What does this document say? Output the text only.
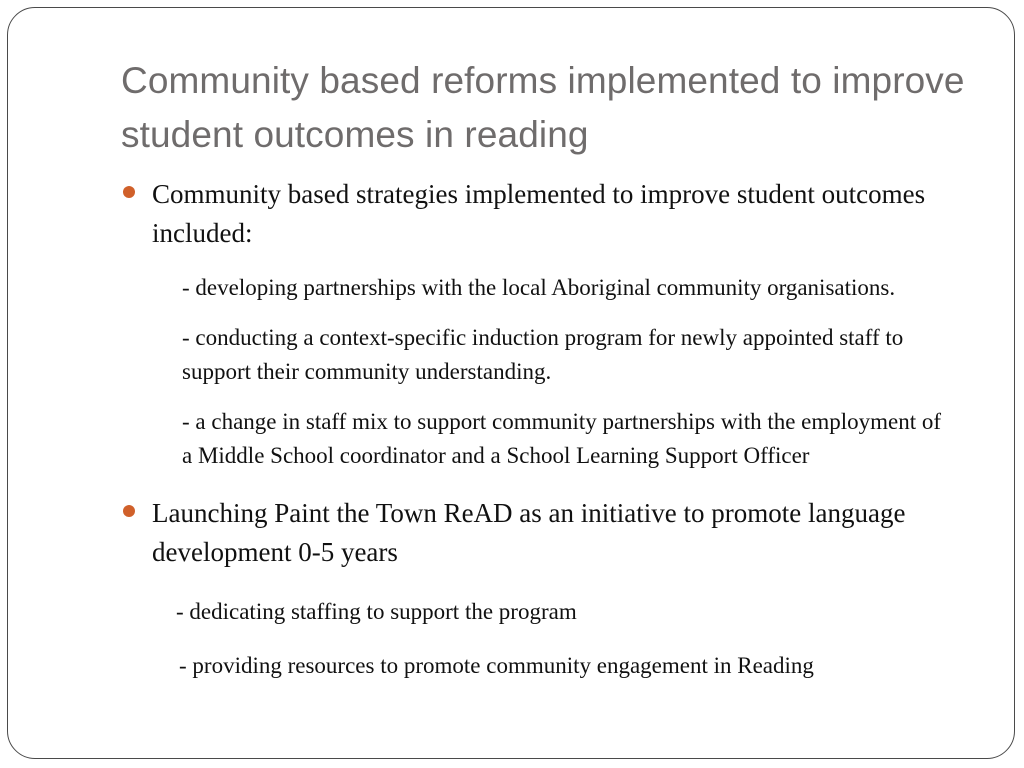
Community based reforms implemented to improve student outcomes in reading
Community based strategies implemented to improve student outcomes included:
- developing partnerships with the local Aboriginal community organisations.
- conducting a context-specific induction program for newly appointed staff to support their community understanding.
- a change in staff mix to support community partnerships with the employment of a Middle School coordinator and a School Learning Support Officer
Launching Paint the Town ReAD as an initiative to promote language development 0-5 years
- dedicating staffing to support the program
- providing resources to promote community engagement in Reading
